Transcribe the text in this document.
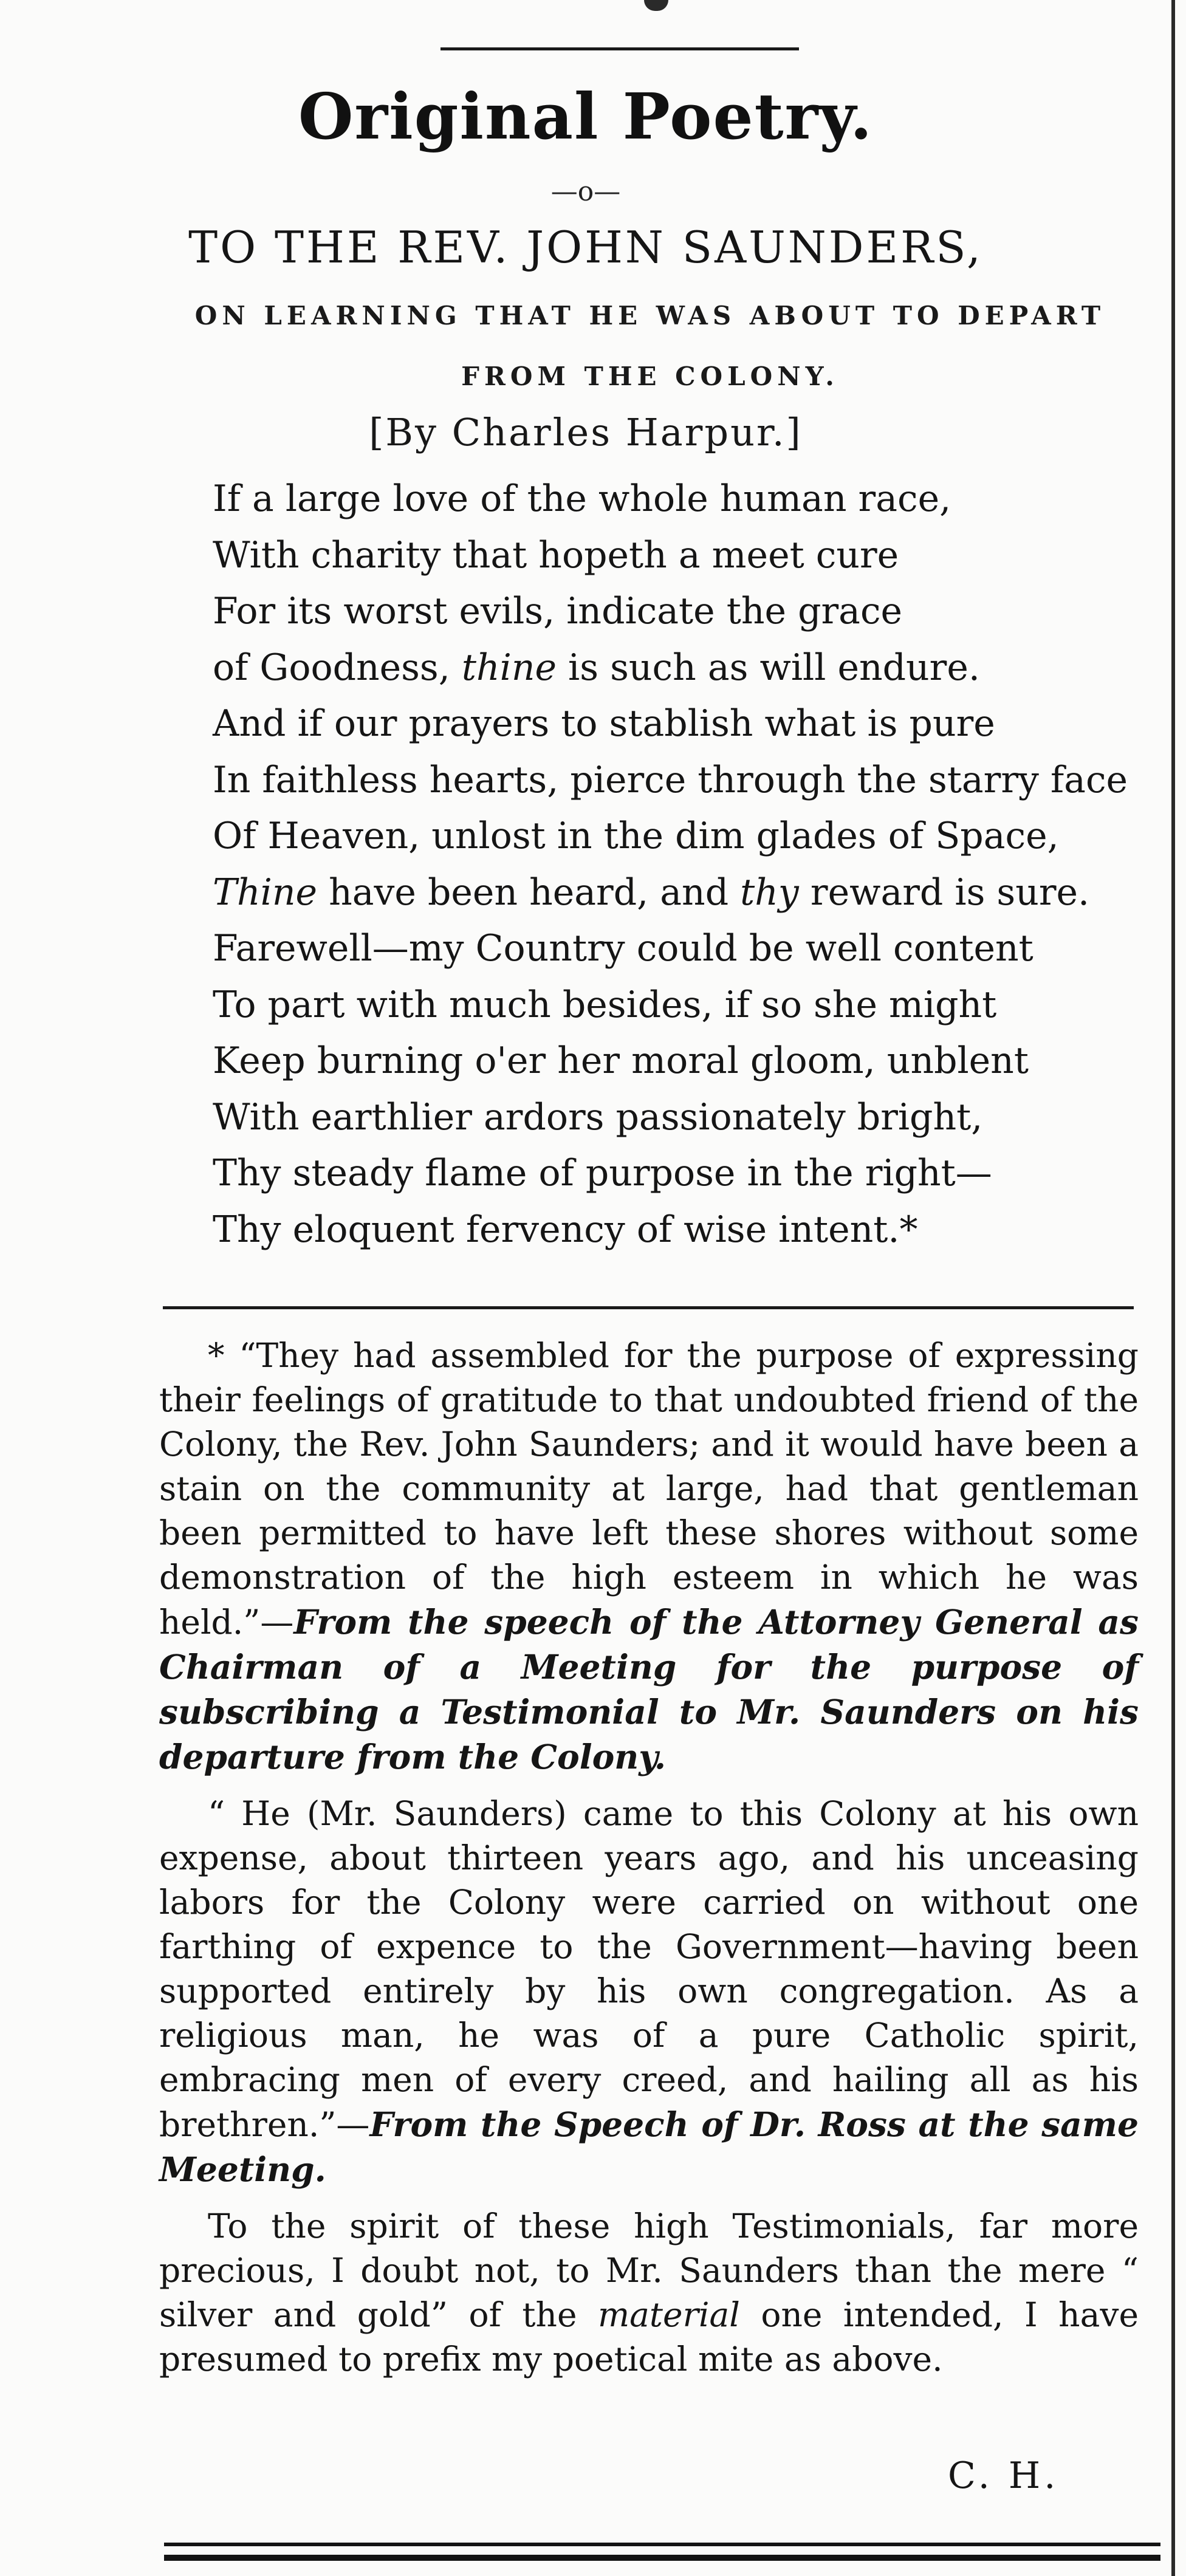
Original Poetry.
—o—
TO THE REV. JOHN SAUNDERS,
ON LEARNING THAT HE WAS ABOUT TO DEPART
FROM THE COLONY.
[By Charles Harpur.]
If a large love of the whole human race,
With charity that hopeth a meet cure
For its worst evils, indicate the grace
of Goodness, thine is such as will endure.
And if our prayers to stablish what is pure
In faithless hearts, pierce through the starry face
Of Heaven, unlost in the dim glades of Space,
Thine have been heard, and thy reward is sure.
Farewell—my Country could be well content
To part with much besides, if so she might
Keep burning o'er her moral gloom, unblent
With earthlier ardors passionately bright,
Thy steady flame of purpose in the right—
Thy eloquent fervency of wise intent.*

* “They had assembled for the purpose of expressing their feelings of gratitude to that undoubted friend of the Colony, the Rev. John Saunders; and it would have been a stain on the community at large, had that gentleman been permitted to have left these shores without some demonstration of the high esteem in which he was held.”—From the speech of the Attorney General as Chairman of a Meeting for the purpose of subscribing a Testimonial to Mr. Saunders on his departure from the Colony.

“ He (Mr. Saunders) came to this Colony at his own expense, about thirteen years ago, and his unceasing labors for the Colony were carried on without one farthing of expence to the Government—having been supported entirely by his own congregation. As a religious man, he was of a pure Catholic spirit, embracing men of every creed, and hailing all as his brethren.”—From the Speech of Dr. Ross at the same Meeting.

To the spirit of these high Testimonials, far more precious, I doubt not, to Mr. Saunders than the mere “ silver and gold” of the material one intended, I have presumed to prefix my poetical mite as above.

C. H.
